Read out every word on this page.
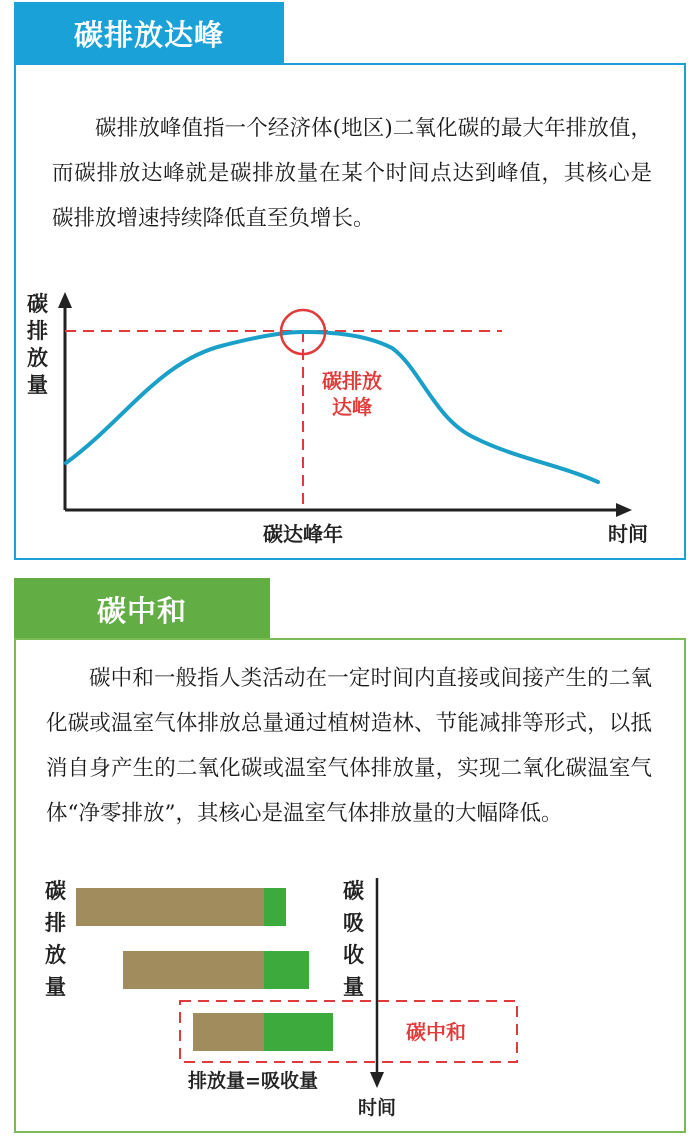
碳排放达峰

碳排放峰值指一个经济体(地区)二氧化碳的最大年排放值，而碳排放达峰就是碳排放量在某个时间点达到峰值，其核心是碳排放增速持续降低直至负增长。

碳
排
放
量	碳排放
达峰
碳达峰年	时间
碳
排
放
量
碳
吸
收
量
碳中和
排放量=吸收量
时间
碳中和

碳中和一般指人类活动在一定时间内直接或间接产生的二氧化碳或温室气体排放总量通过植树造林、节能减排等形式，以抵消自身产生的二氧化碳或温室气体排放量，实现二氧化碳温室气体“净零排放”，其核心是温室气体排放量的大幅降低。
